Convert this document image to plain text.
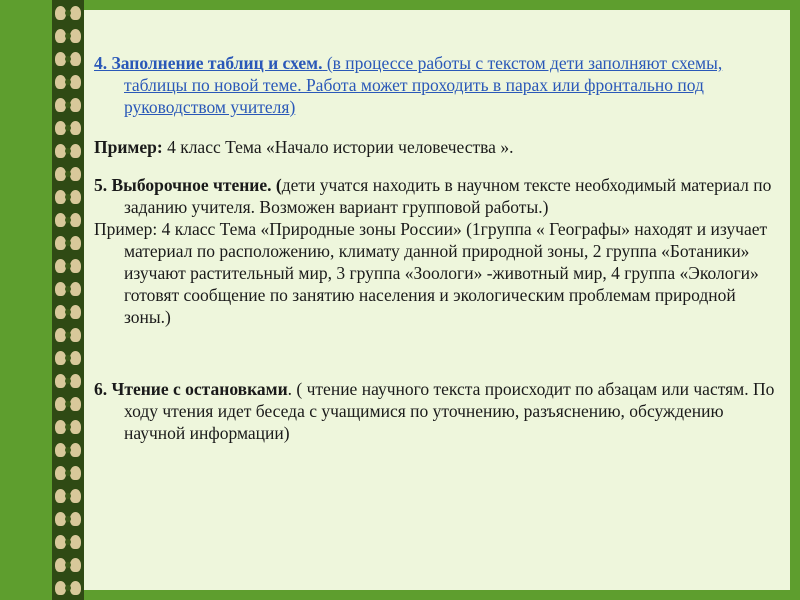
4. Заполнение таблиц и схем. (в процессе работы с текстом дети заполняют схемы, таблицы по новой теме. Работа может проходить в парах или фронтально под руководством учителя)

Пример: 4 класс Тема «Начало истории человечества ».

5. Выборочное чтение. (дети учатся находить в научном тексте необходимый материал по заданию учителя. Возможен вариант групповой работы.)

Пример: 4 класс Тема «Природные зоны России» (1группа « Географы» находят и изучает материал по расположению, климату данной природной зоны, 2 группа «Ботаники» изучают растительный мир, 3 группа «Зоологи» -животный мир, 4 группа «Экологи» готовят сообщение по занятию населения и экологическим проблемам природной зоны.)

6. Чтение с остановками. ( чтение научного текста происходит по абзацам или частям. По ходу чтения идет беседа с учащимися по уточнению, разъяснению, обсуждению научной информации)
